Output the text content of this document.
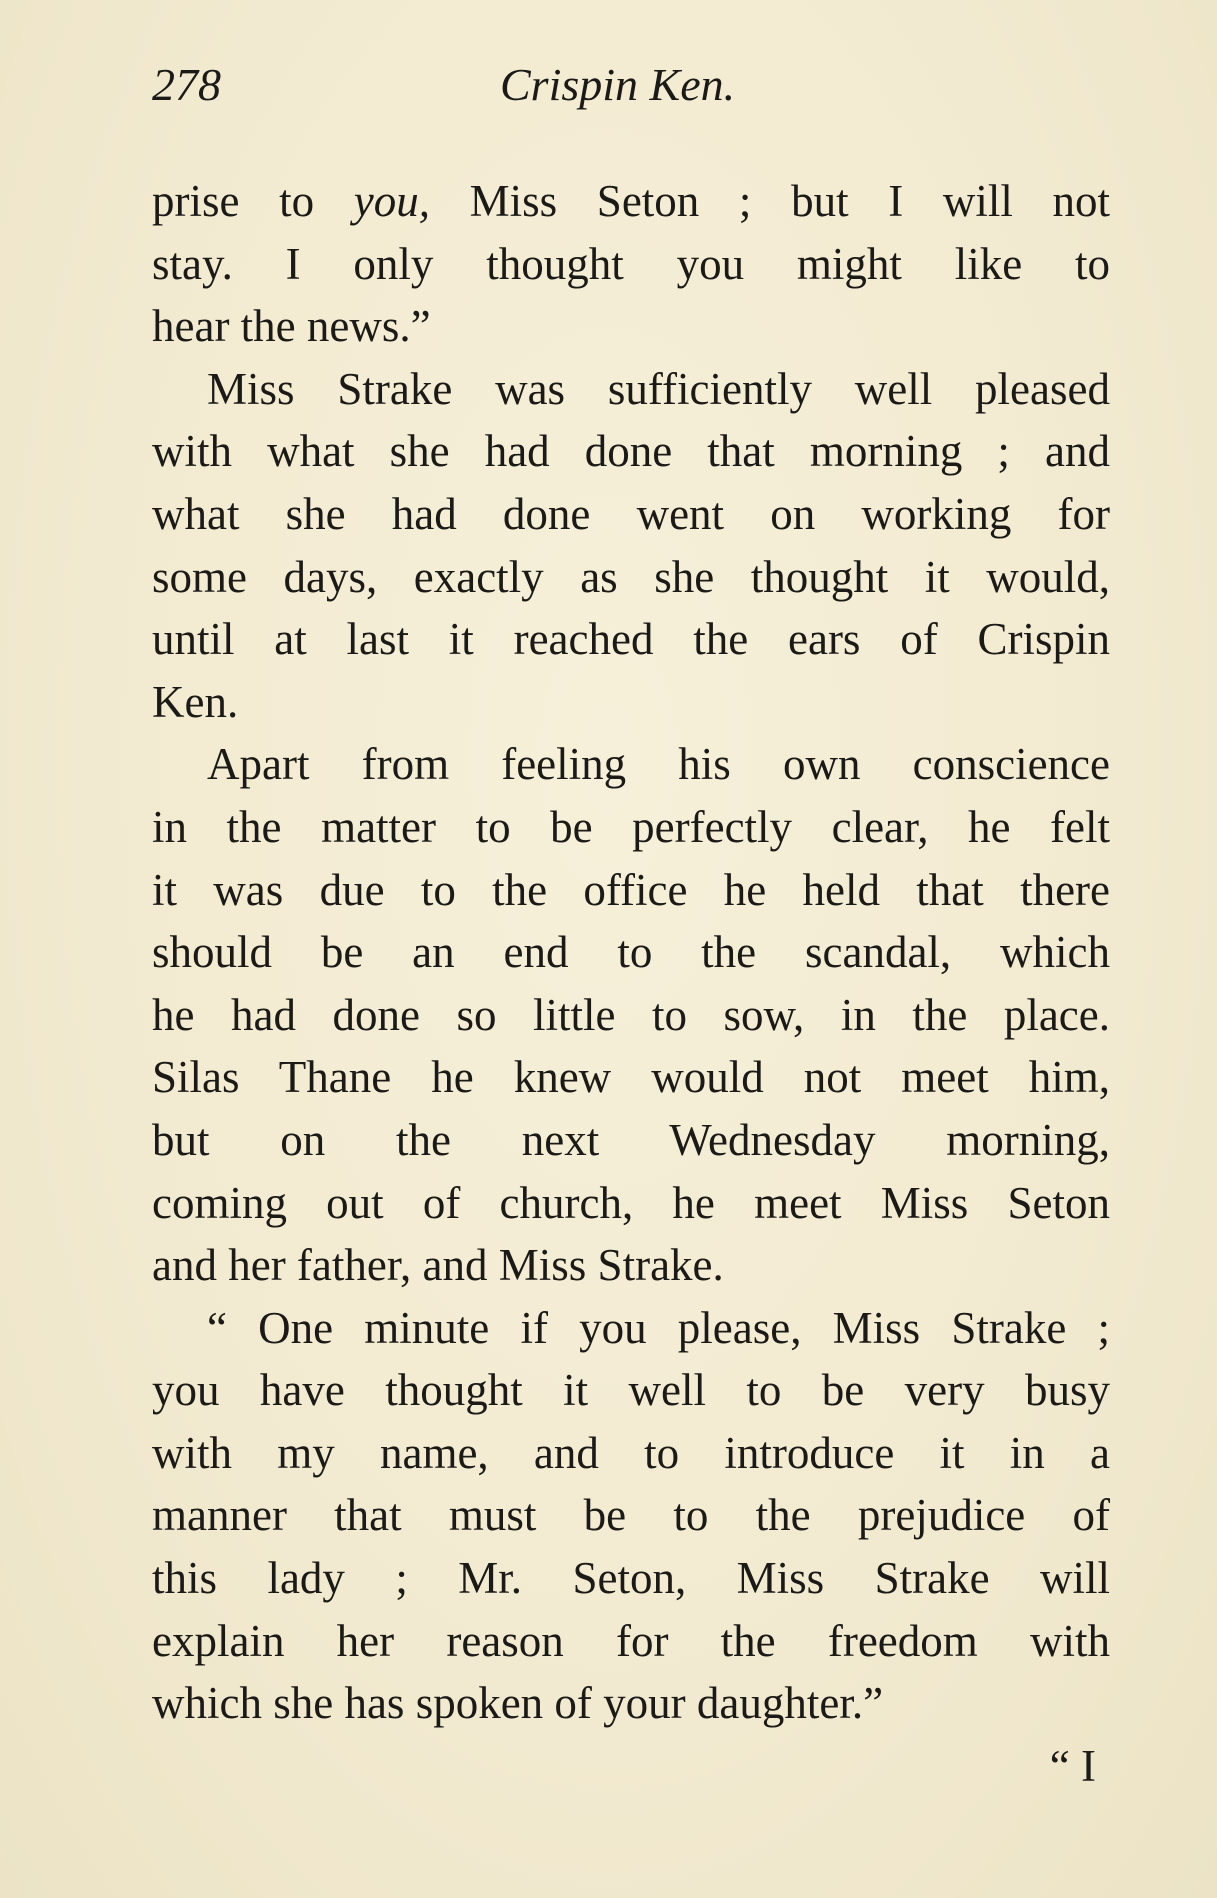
278	Crispin Ken.
prise to you, Miss Seton ; but I will not
stay. I only thought you might like to
hear the news.”
Miss Strake was sufficiently well pleased
with what she had done that morning ; and
what she had done went on working for
some days, exactly as she thought it would,
until at last it reached the ears of Crispin
Ken.
Apart from feeling his own conscience
in the matter to be perfectly clear, he felt
it was due to the office he held that there
should be an end to the scandal, which
he had done so little to sow, in the place.
Silas Thane he knew would not meet him,
but on the next Wednesday morning,
coming out of church, he meet Miss Seton
and her father, and Miss Strake.
“ One minute if you please, Miss Strake ;
you have thought it well to be very busy
with my name, and to introduce it in a
manner that must be to the prejudice of
this lady ; Mr. Seton, Miss Strake will
explain her reason for the freedom with
which she has spoken of your daughter.”
“ I
